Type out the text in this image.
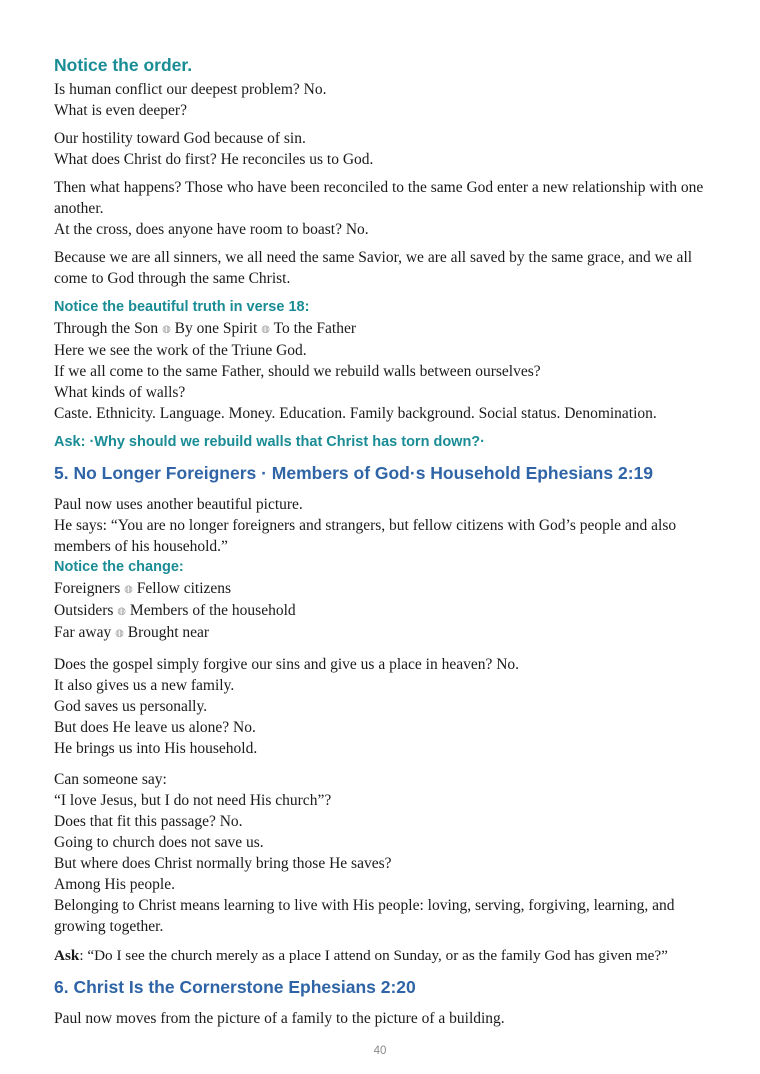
Notice the order.
Is human conflict our deepest problem? No.
What is even deeper?
Our hostility toward God because of sin.
What does Christ do first? He reconciles us to God.
Then what happens? Those who have been reconciled to the same God enter a new relationship with one another.
At the cross, does anyone have room to boast? No.
Because we are all sinners, we all need the same Savior, we are all saved by the same grace, and we all come to God through the same Christ.
Notice the beautiful truth in verse 18:
Through the Son ◍ By one Spirit ◍ To the Father
Here we see the work of the Triune God.
If we all come to the same Father, should we rebuild walls between ourselves?
What kinds of walls?
Caste. Ethnicity. Language. Money. Education. Family background. Social status. Denomination.
Ask: ·Why should we rebuild walls that Christ has torn down?·
5. No Longer Foreigners · Members of God·s Household Ephesians 2:19
Paul now uses another beautiful picture.
He says: “You are no longer foreigners and strangers, but fellow citizens with God’s people and also members of his household.”
Notice the change:
Foreigners ◍ Fellow citizens
Outsiders ◍ Members of the household
Far away ◍ Brought near
Does the gospel simply forgive our sins and give us a place in heaven? No.
It also gives us a new family.
God saves us personally.
But does He leave us alone? No.
He brings us into His household.
Can someone say:
“I love Jesus, but I do not need His church”?
Does that fit this passage? No.
Going to church does not save us.
But where does Christ normally bring those He saves?
Among His people.
Belonging to Christ means learning to live with His people: loving, serving, forgiving, learning, and growing together.
Ask: “Do I see the church merely as a place I attend on Sunday, or as the family God has given me?”
6. Christ Is the Cornerstone Ephesians 2:20
Paul now moves from the picture of a family to the picture of a building.
40
